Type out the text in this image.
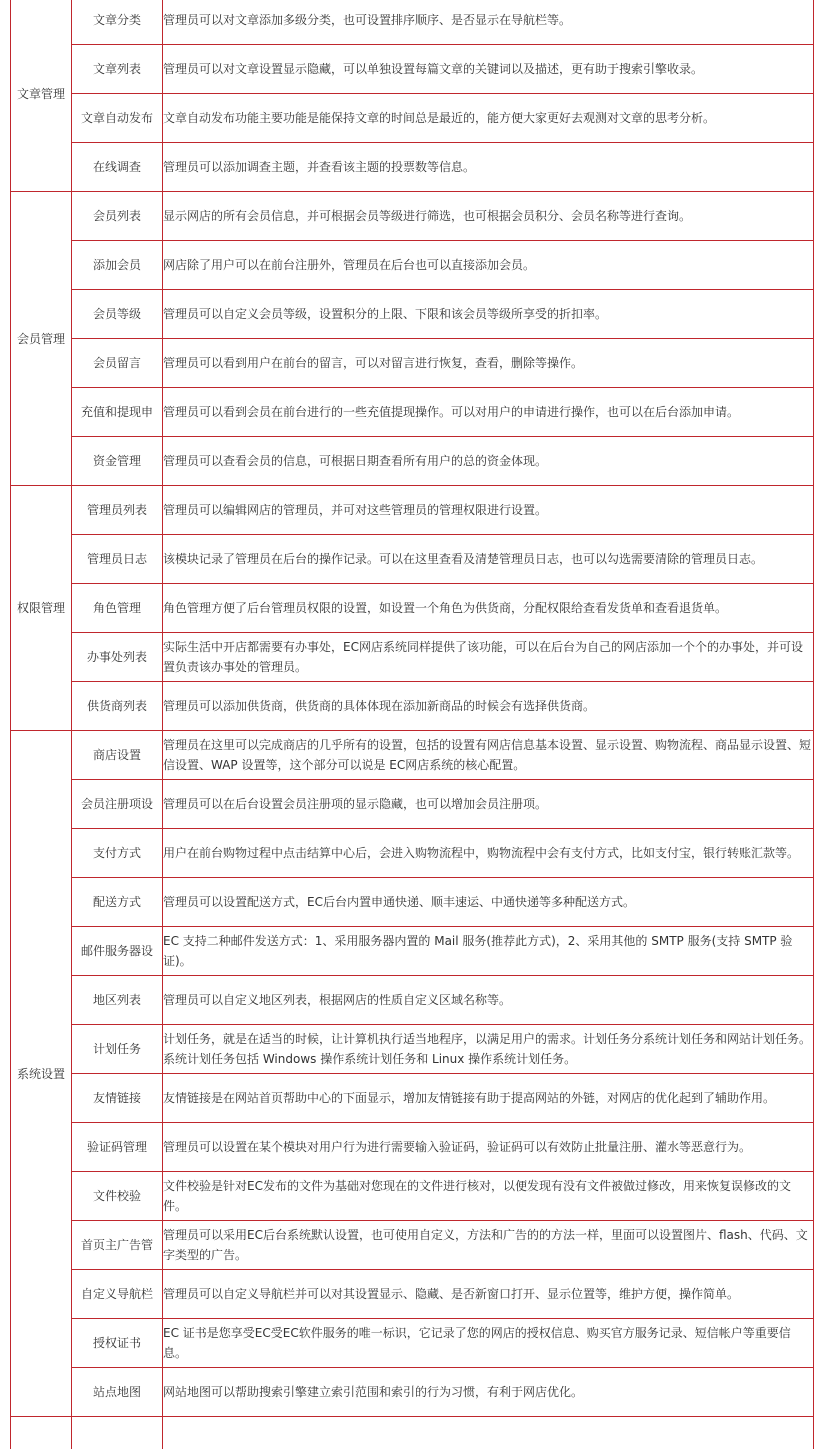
文章管理	文章分类	管理员可以对文章添加多级分类，也可设置排序顺序、是否显示在导航栏等。
	文章列表	管理员可以对文章设置显示隐藏，可以单独设置每篇文章的关键词以及描述，更有助于搜索引擎收录。
	文章自动发布	文章自动发布功能主要功能是能保持文章的时间总是最近的，能方便大家更好去观测对文章的思考分析。
	在线调查	管理员可以添加调查主题，并查看该主题的投票数等信息。
会员管理	会员列表	显示网店的所有会员信息，并可根据会员等级进行筛选，也可根据会员积分、会员名称等进行查询。
	添加会员	网店除了用户可以在前台注册外，管理员在后台也可以直接添加会员。
	会员等级	管理员可以自定义会员等级，设置积分的上限、下限和该会员等级所享受的折扣率。
	会员留言	管理员可以看到用户在前台的留言，可以对留言进行恢复，查看，删除等操作。
	充值和提现申	管理员可以看到会员在前台进行的一些充值提现操作。可以对用户的申请进行操作，也可以在后台添加申请。
	资金管理	管理员可以查看会员的信息，可根据日期查看所有用户的总的资金体现。
权限管理	管理员列表	管理员可以编辑网店的管理员，并可对这些管理员的管理权限进行设置。
	管理员日志	该模块记录了管理员在后台的操作记录。可以在这里查看及清楚管理员日志，也可以勾选需要清除的管理员日志。
	角色管理	角色管理方便了后台管理员权限的设置，如设置一个角色为供货商，分配权限给查看发货单和查看退货单。
	办事处列表	实际生活中开店都需要有办事处，EC网店系统同样提供了该功能，可以在后台为自己的网店添加一个个的办事处，并可设置负责该办事处的管理员。
	供货商列表	管理员可以添加供货商，供货商的具体体现在添加新商品的时候会有选择供货商。
系统设置	商店设置	管理员在这里可以完成商店的几乎所有的设置，包括的设置有网店信息基本设置、显示设置、购物流程、商品显示设置、短信设置、WAP 设置等，这个部分可以说是 EC网店系统的核心配置。
	会员注册项设	管理员可以在后台设置会员注册项的显示隐藏，也可以增加会员注册项。
	支付方式	用户在前台购物过程中点击结算中心后，会进入购物流程中，购物流程中会有支付方式，比如支付宝，银行转账汇款等。
	配送方式	管理员可以设置配送方式，EC后台内置申通快递、顺丰速运、中通快递等多种配送方式。
	邮件服务器设	EC 支持二种邮件发送方式：1、采用服务器内置的 Mail 服务(推荐此方式)，2、采用其他的 SMTP 服务(支持 SMTP 验证)。
	地区列表	管理员可以自定义地区列表，根据网店的性质自定义区域名称等。
	计划任务	计划任务，就是在适当的时候，让计算机执行适当地程序，以满足用户的需求。计划任务分系统计划任务和网站计划任务。系统计划任务包括 Windows 操作系统计划任务和 Linux 操作系统计划任务。
	友情链接	友情链接是在网站首页帮助中心的下面显示，增加友情链接有助于提高网站的外链，对网店的优化起到了辅助作用。
	验证码管理	管理员可以设置在某个模块对用户行为进行需要输入验证码，验证码可以有效防止批量注册、灌水等恶意行为。
	文件校验	文件校验是针对EC发布的文件为基础对您现在的文件进行核对，以便发现有没有文件被做过修改，用来恢复误修改的文件。
	首页主广告管	管理员可以采用EC后台系统默认设置，也可使用自定义，方法和广告的的方法一样，里面可以设置图片、flash、代码、文字类型的广告。
	自定义导航栏	管理员可以自定义导航栏并可以对其设置显示、隐藏、是否新窗口打开、显示位置等，维护方便，操作简单。
	授权证书	EC 证书是您享受EC受EC软件服务的唯一标识，它记录了您的网店的授权信息、购买官方服务记录、短信帐户等重要信息。
	站点地图	网站地图可以帮助搜索引擎建立索引范围和索引的行为习惯，有利于网店优化。
